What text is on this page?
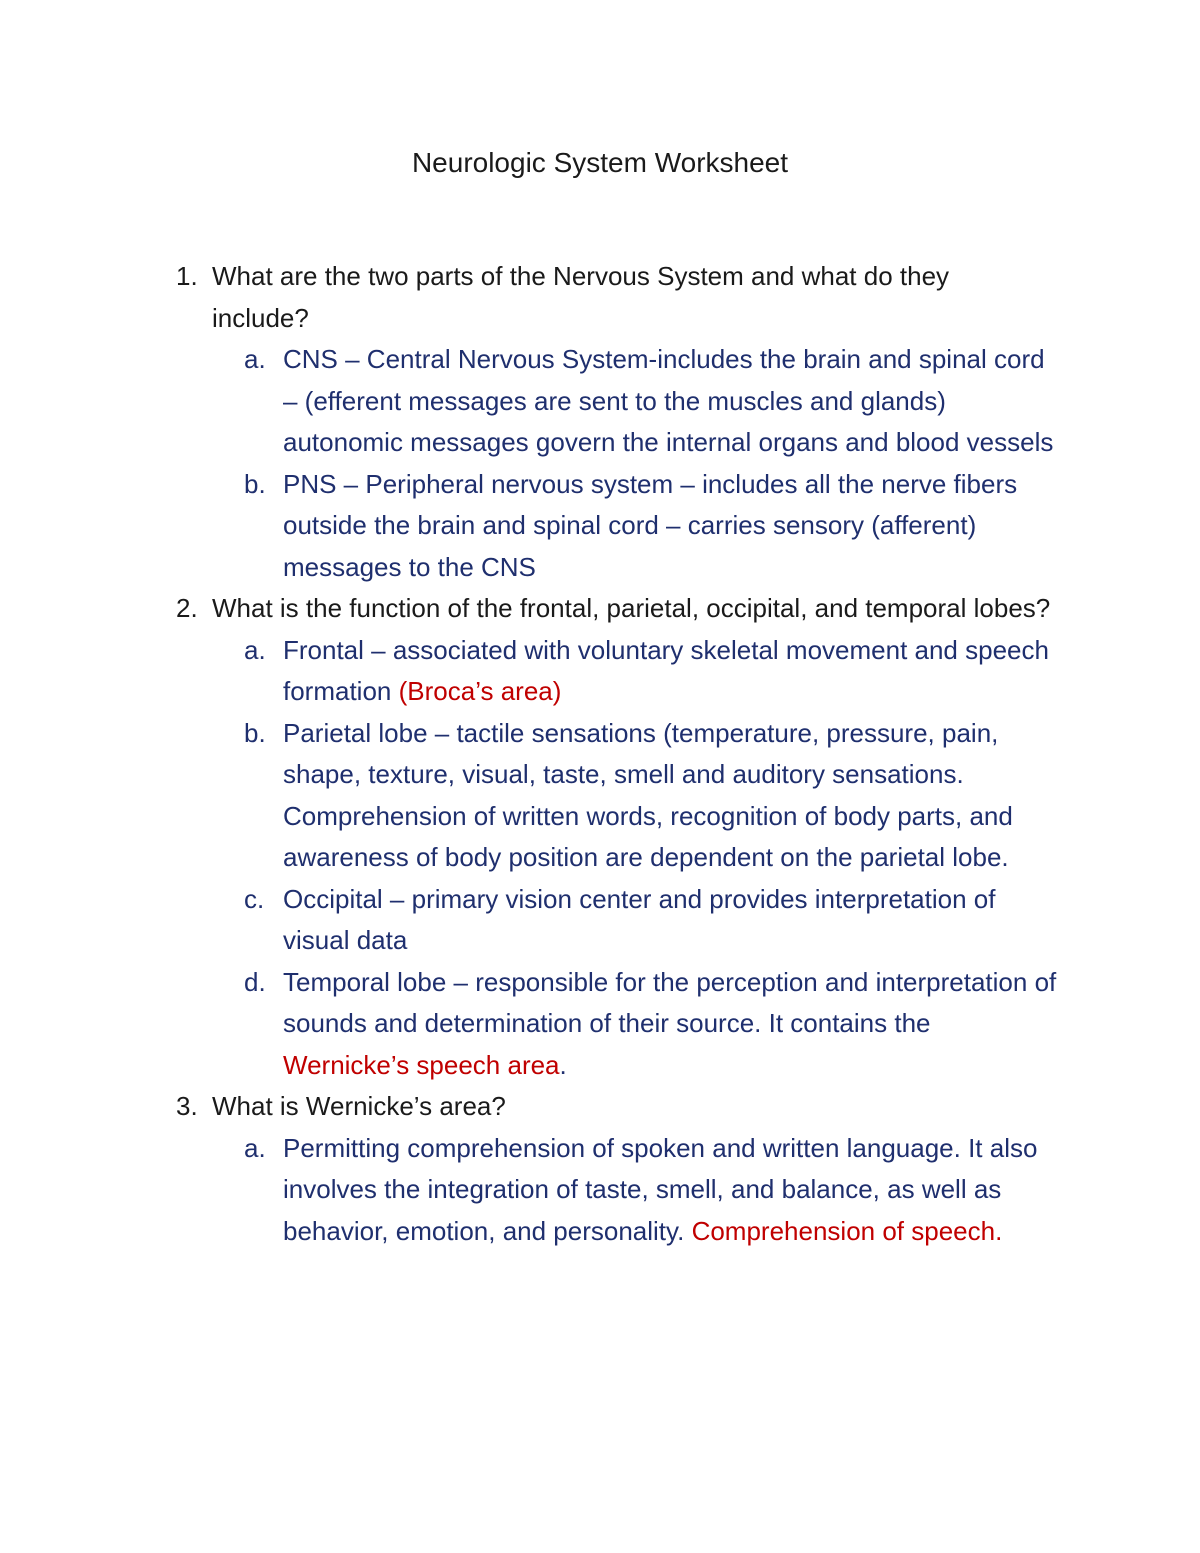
Neurologic System Worksheet
1. What are the two parts of the Nervous System and what do they include?
a. CNS – Central Nervous System-includes the brain and spinal cord – (efferent messages are sent to the muscles and glands) autonomic messages govern the internal organs and blood vessels
b. PNS – Peripheral nervous system – includes all the nerve fibers outside the brain and spinal cord – carries sensory (afferent) messages to the CNS
2. What is the function of the frontal, parietal, occipital, and temporal lobes?
a. Frontal – associated with voluntary skeletal movement and speech formation (Broca’s area)
b. Parietal lobe – tactile sensations (temperature, pressure, pain, shape, texture, visual, taste, smell and auditory sensations. Comprehension of written words, recognition of body parts, and awareness of body position are dependent on the parietal lobe.
c. Occipital – primary vision center and provides interpretation of visual data
d. Temporal lobe – responsible for the perception and interpretation of sounds and determination of their source. It contains the Wernicke’s speech area.
3. What is Wernicke’s area?
a. Permitting comprehension of spoken and written language. It also involves the integration of taste, smell, and balance, as well as behavior, emotion, and personality. Comprehension of speech.
